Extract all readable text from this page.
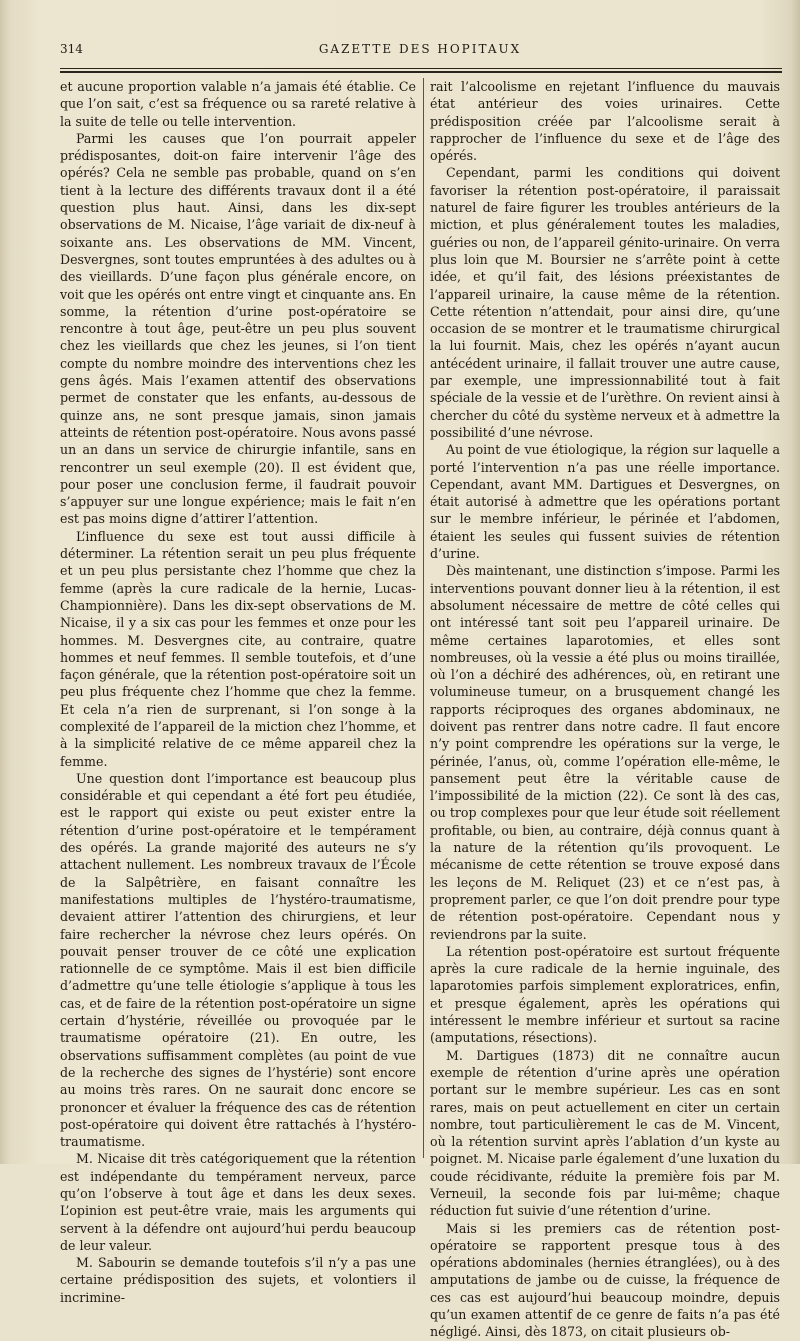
314	GAZETTE DES HOPITAUX

et aucune proportion valable n’a jamais été établie. Ce que l’on sait, c’est sa fréquence ou sa rareté relative à la suite de telle ou telle intervention.

Parmi les causes que l’on pourrait appeler prédisposantes, doit-on faire intervenir l’âge des opérés? Cela ne semble pas probable, quand on s’en tient à la lecture des différents travaux dont il a été question plus haut. Ainsi, dans les dix-sept observations de M. Nicaise, l’âge variait de dix-neuf à soixante ans. Les observations de MM. Vincent, Desvergnes, sont toutes empruntées à des adultes ou à des vieillards. D’une façon plus générale encore, on voit que les opérés ont entre vingt et cinquante ans. En somme, la rétention d’urine post-opératoire se rencontre à tout âge, peut-être un peu plus souvent chez les vieillards que chez les jeunes, si l’on tient compte du nombre moindre des interventions chez les gens âgés. Mais l’examen attentif des observations permet de constater que les enfants, au-dessous de quinze ans, ne sont presque jamais, sinon jamais atteints de rétention post-opératoire. Nous avons passé un an dans un service de chirurgie infantile, sans en rencontrer un seul exemple (20). Il est évident que, pour poser une conclusion ferme, il faudrait pouvoir s’appuyer sur une longue expérience; mais le fait n’en est pas moins digne d’attirer l’attention.

L’influence du sexe est tout aussi difficile à déterminer. La rétention serait un peu plus fréquente et un peu plus persistante chez l’homme que chez la femme (après la cure radicale de la hernie, Lucas-Championnière). Dans les dix-sept observations de M. Nicaise, il y a six cas pour les femmes et onze pour les hommes. M. Desvergnes cite, au contraire, quatre hommes et neuf femmes. Il semble toutefois, et d’une façon générale, que la rétention post-opératoire soit un peu plus fréquente chez l’homme que chez la femme. Et cela n’a rien de surprenant, si l’on songe à la complexité de l’appareil de la miction chez l’homme, et à la simplicité relative de ce même appareil chez la femme.

Une question dont l’importance est beaucoup plus considérable et qui cependant a été fort peu étudiée, est le rapport qui existe ou peut exister entre la rétention d’urine post-opératoire et le tempérament des opérés. La grande majorité des auteurs ne s’y attachent nullement. Les nombreux travaux de l’École de la Salpêtrière, en faisant connaître les manifestations multiples de l’hystéro-traumatisme, devaient attirer l’attention des chirurgiens, et leur faire rechercher la névrose chez leurs opérés. On pouvait penser trouver de ce côté une explication rationnelle de ce symptôme. Mais il est bien difficile d’admettre qu’une telle étiologie s’applique à tous les cas, et de faire de la rétention post-opératoire un signe certain d’hystérie, réveillée ou provoquée par le traumatisme opératoire (21). En outre, les observations suffisamment complètes (au point de vue de la recherche des signes de l’hystérie) sont encore au moins très rares. On ne saurait donc encore se prononcer et évaluer la fréquence des cas de rétention post-opératoire qui doivent être rattachés à l’hystéro-traumatisme.

M. Nicaise dit très catégoriquement que la rétention est indépendante du tempérament nerveux, parce qu’on l’observe à tout âge et dans les deux sexes. L’opinion est peut-être vraie, mais les arguments qui servent à la défendre ont aujourd’hui perdu beaucoup de leur valeur.

M. Sabourin se demande toutefois s’il n’y a pas une certaine prédisposition des sujets, et volontiers il incrimine-

rait l’alcoolisme en rejetant l’influence du mauvais état antérieur des voies urinaires. Cette prédisposition créée par l’alcoolisme serait à rapprocher de l’influence du sexe et de l’âge des opérés.

Cependant, parmi les conditions qui doivent favoriser la rétention post-opératoire, il paraissait naturel de faire figurer les troubles antérieurs de la miction, et plus généralement toutes les maladies, guéries ou non, de l’appareil génito-urinaire. On verra plus loin que M. Boursier ne s’arrête point à cette idée, et qu’il fait, des lésions préexistantes de l’appareil urinaire, la cause même de la rétention. Cette rétention n’attendait, pour ainsi dire, qu’une occasion de se montrer et le traumatisme chirurgical la lui fournit. Mais, chez les opérés n’ayant aucun antécédent urinaire, il fallait trouver une autre cause, par exemple, une impressionnabilité tout à fait spéciale de la vessie et de l’urèthre. On revient ainsi à chercher du côté du système nerveux et à admettre la possibilité d’une névrose.

Au point de vue étiologique, la région sur laquelle a porté l’intervention n’a pas une réelle importance. Cependant, avant MM. Dartigues et Desvergnes, on était autorisé à admettre que les opérations portant sur le membre inférieur, le périnée et l’abdomen, étaient les seules qui fussent suivies de rétention d’urine.

Dès maintenant, une distinction s’impose. Parmi les interventions pouvant donner lieu à la rétention, il est absolument nécessaire de mettre de côté celles qui ont intéressé tant soit peu l’appareil urinaire. De même certaines laparotomies, et elles sont nombreuses, où la vessie a été plus ou moins tiraillée, où l’on a déchiré des adhérences, où, en retirant une volumineuse tumeur, on a brusquement changé les rapports réciproques des organes abdominaux, ne doivent pas rentrer dans notre cadre. Il faut encore n’y point comprendre les opérations sur la verge, le périnée, l’anus, où, comme l’opération elle-même, le pansement peut être la véritable cause de l’impossibilité de la miction (22). Ce sont là des cas, ou trop complexes pour que leur étude soit réellement profitable, ou bien, au contraire, déjà connus quant à la nature de la rétention qu’ils provoquent. Le mécanisme de cette rétention se trouve exposé dans les leçons de M. Reliquet (23) et ce n’est pas, à proprement parler, ce que l’on doit prendre pour type de rétention post-opératoire. Cependant nous y reviendrons par la suite.

La rétention post-opératoire est surtout fréquente après la cure radicale de la hernie inguinale, des laparotomies parfois simplement exploratrices, enfin, et presque également, après les opérations qui intéressent le membre inférieur et surtout sa racine (amputations, résections).

M. Dartigues (1873) dit ne connaître aucun exemple de rétention d’urine après une opération portant sur le membre supérieur. Les cas en sont rares, mais on peut actuellement en citer un certain nombre, tout particulièrement le cas de M. Vincent, où la rétention survint après l’ablation d’un kyste au poignet. M. Nicaise parle également d’une luxation du coude récidivante, réduite la première fois par M. Verneuil, la seconde fois par lui-même; chaque réduction fut suivie d’une rétention d’urine.

Mais si les premiers cas de rétention post-opératoire se rapportent presque tous à des opérations abdominales (hernies étranglées), ou à des amputations de jambe ou de cuisse, la fréquence de ces cas est aujourd’hui beaucoup moindre, depuis qu’un examen attentif de ce genre de faits n’a pas été négligé. Ainsi, dès 1873, on citait plusieurs ob-
